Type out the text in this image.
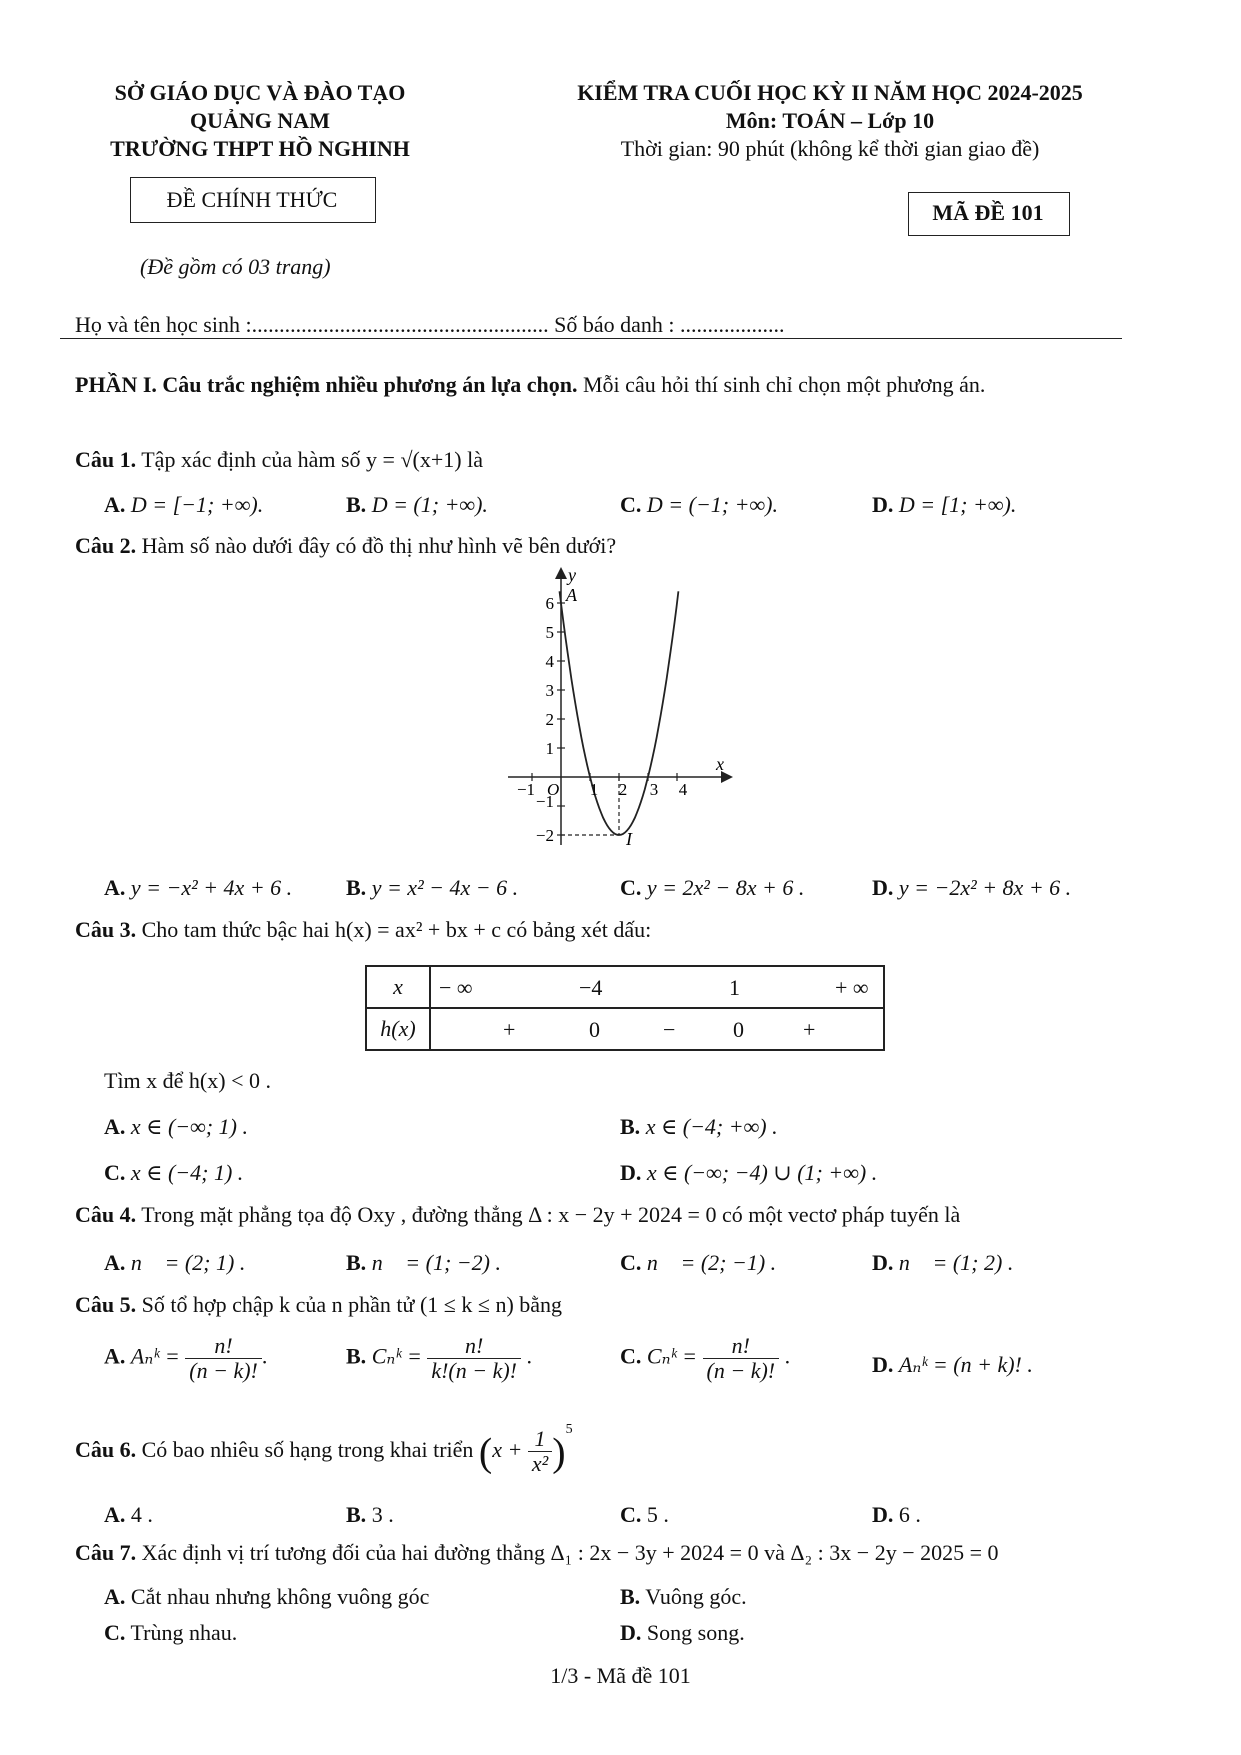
SỞ GIÁO DỤC VÀ ĐÀO TẠO
QUẢNG NAM
TRƯỜNG THPT HỒ NGHINH
KIỂM TRA CUỐI HỌC KỲ II NĂM HỌC 2024-2025
Môn: TOÁN – Lớp 10
Thời gian: 90 phút (không kể thời gian giao đề)
ĐỀ CHÍNH THỨC
MÃ ĐỀ 101
(Đề gồm có 03 trang)
Họ và tên học sinh :...................................................... Số báo danh : ...................
PHẦN I. Câu trắc nghiệm nhiều phương án lựa chọn. Mỗi câu hỏi thí sinh chỉ chọn một phương án.
Câu 1. Tập xác định của hàm số y = √(x+1) là
A. D = [−1; +∞).	B. D = (1; +∞).	C. D = (−1; +∞).	D. D = [1; +∞).
Câu 2. Hàm số nào dưới đây có đồ thị như hình vẽ bên dưới?
y
x
A
I
O
6
5
4
3
2
1
−1
−2
−1	1 2 3 4
A. y = −x² + 4x + 6 . B. y = x² − 4x − 6 .	C. y = 2x² − 8x + 6 .	D. y = −2x² + 8x + 6 .
Câu 3. Cho tam thức bậc hai h(x) = ax² + bx + c có bảng xét dấu:
x	− ∞ −4 1 + ∞

h(x)	+ 0 − 0 +
Tìm x để h(x) < 0 .
A. x ∈ (−∞; 1) .	B. x ∈ (−4; +∞) .
C. x ∈ (−4; 1) .	D. x ∈ (−∞; −4) ∪ (1; +∞) .
Câu 4. Trong mặt phẳng tọa độ Oxy , đường thẳng Δ : x − 2y + 2024 = 0 có một vectơ pháp tuyến là
A. n⃗ = (2; 1) .	B. n⃗ = (1; −2) .	C. n⃗ = (2; −1) .	D. n⃗ = (1; 2) .
Câu 5. Số tổ hợp chập k của n phần tử (1 ≤ k ≤ n) bằng
A. Aₙᵏ = $\frac{n!}{(n - k)!}$ .	B. Cₙᵏ = $\frac{n!}{k!(n - k)!}$ .	C. Cₙᵏ = $\frac{n!}{(n - k)!}$ .	D. Aₙᵏ = (n + k)! .
Câu 6. Có bao nhiêu số hạng trong khai triển $(x + \frac{1}{\text{x²}} )^5$
A. 4 .	B. 3 .	C. 5 .	D. 6 .
Câu 7. Xác định vị trí tương đối của hai đường thẳng Δ₁ : 2x − 3y + 2024 = 0 và Δ₂ : 3x − 2y − 2025 = 0
A. Cắt nhau nhưng không vuông góc	B. Vuông góc.
C. Trùng nhau.	D. Song song.
1/3 - Mã đề 101
